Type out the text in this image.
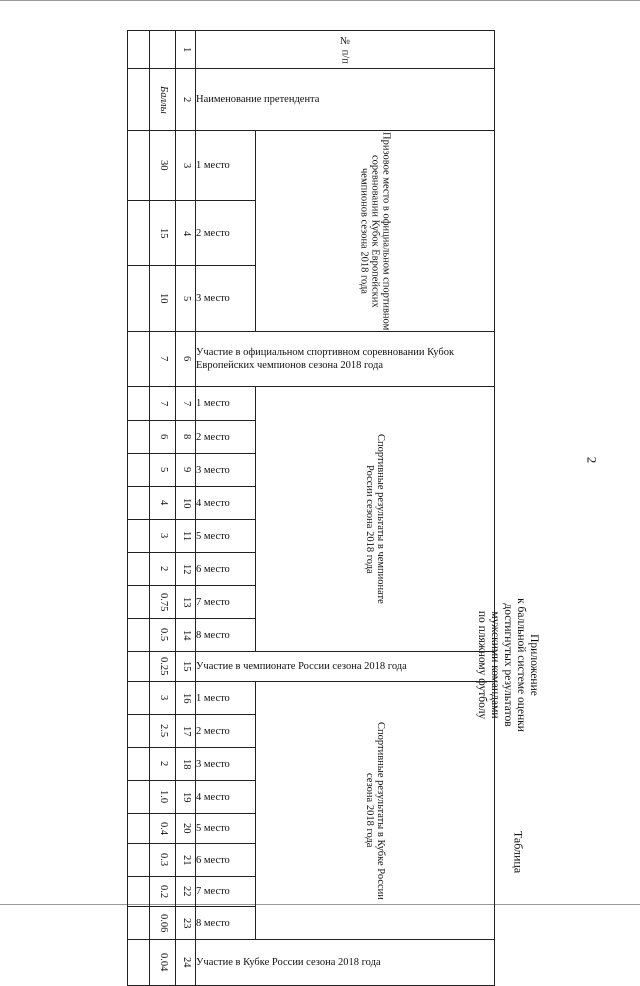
2
Приложение
к балльной системе оценки
достигнутых результатов
мужскими командами
по пляжному футболу
Таблица

		1	№ п/п	

	Баллы	2	Наименование претендента	

	30	3	1 место	Призовое место в официальном спортивном соревновании Кубок Европейских чемпионов сезона 2018 года

	15	4	2 место	

	10	5	3 место	

	7	6	Участие в официальном спортивном соревновании Кубок Европейских чемпионов сезона 2018 года	

	7	7	1 место	Спортивные результаты в чемпионате России сезона 2018 года

	6	8	2 место	

	5	9	3 место	

	4	10	4 место	

	3	11	5 место	

	2	12	6 место	

	0.75	13	7 место	

	0.5	14	8 место	

	0.25	15	Участие в чемпионате России сезона 2018 года	

	3	16	1 место	Спортивные результаты в Кубке России сезона 2018 года

	2.5	17	2 место	

	2	18	3 место	

	1.0	19	4 место	

	0.4	20	5 место	

	0.3	21	6 место	

	0.2	22	7 место	

	0.06	23	8 место	

	0.04	24	Участие в Кубке России сезона 2018 года	
